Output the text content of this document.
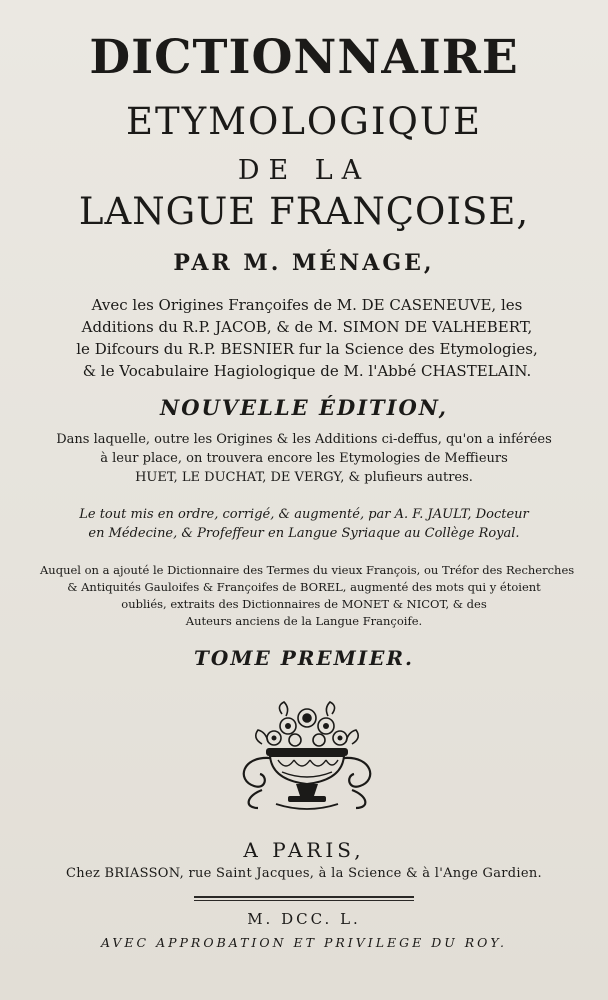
DICTIONNAIRE
ETYMOLOGIQUE
DE LA
LANGUE FRANÇOISE,
PAR M. MÉNAGE,
Avec les Origines Françoifes de M. DE CASENEUVE, les
Additions du R.P. JACOB, & de M. SIMON DE VALHEBERT,
le Difcours du R.P. BESNIER fur la Science des Etymologies,
& le Vocabulaire Hagiologique de M. l'Abbé CHASTELAIN.
NOUVELLE ÉDITION,
Dans laquelle, outre les Origines & les Additions ci-deffus, qu'on a inférées
à leur place, on trouvera encore les Etymologies de Meffieurs
HUET, LE DUCHAT, DE VERGY, & plufieurs autres.
Le tout mis en ordre, corrigé, & augmenté, par A. F. JAULT, Docteur
en Médecine, & Profeffeur en Langue Syriaque au Collège Royal.
Auquel on a ajouté le Dictionnaire des Termes du vieux François, ou Tréfor des Recherches
& Antiquités Gauloifes & Françoifes de BOREL, augmenté des mots qui y étoient
oubliés, extraits des Dictionnaires de MONET & NICOT, & des
Auteurs anciens de la Langue Françoife.
TOME PREMIER.
A PARIS,
Chez BRIASSON, rue Saint Jacques, à la Science & à l'Ange Gardien.
M. DCC. L.
AVEC APPROBATION ET PRIVILEGE DU ROY.
